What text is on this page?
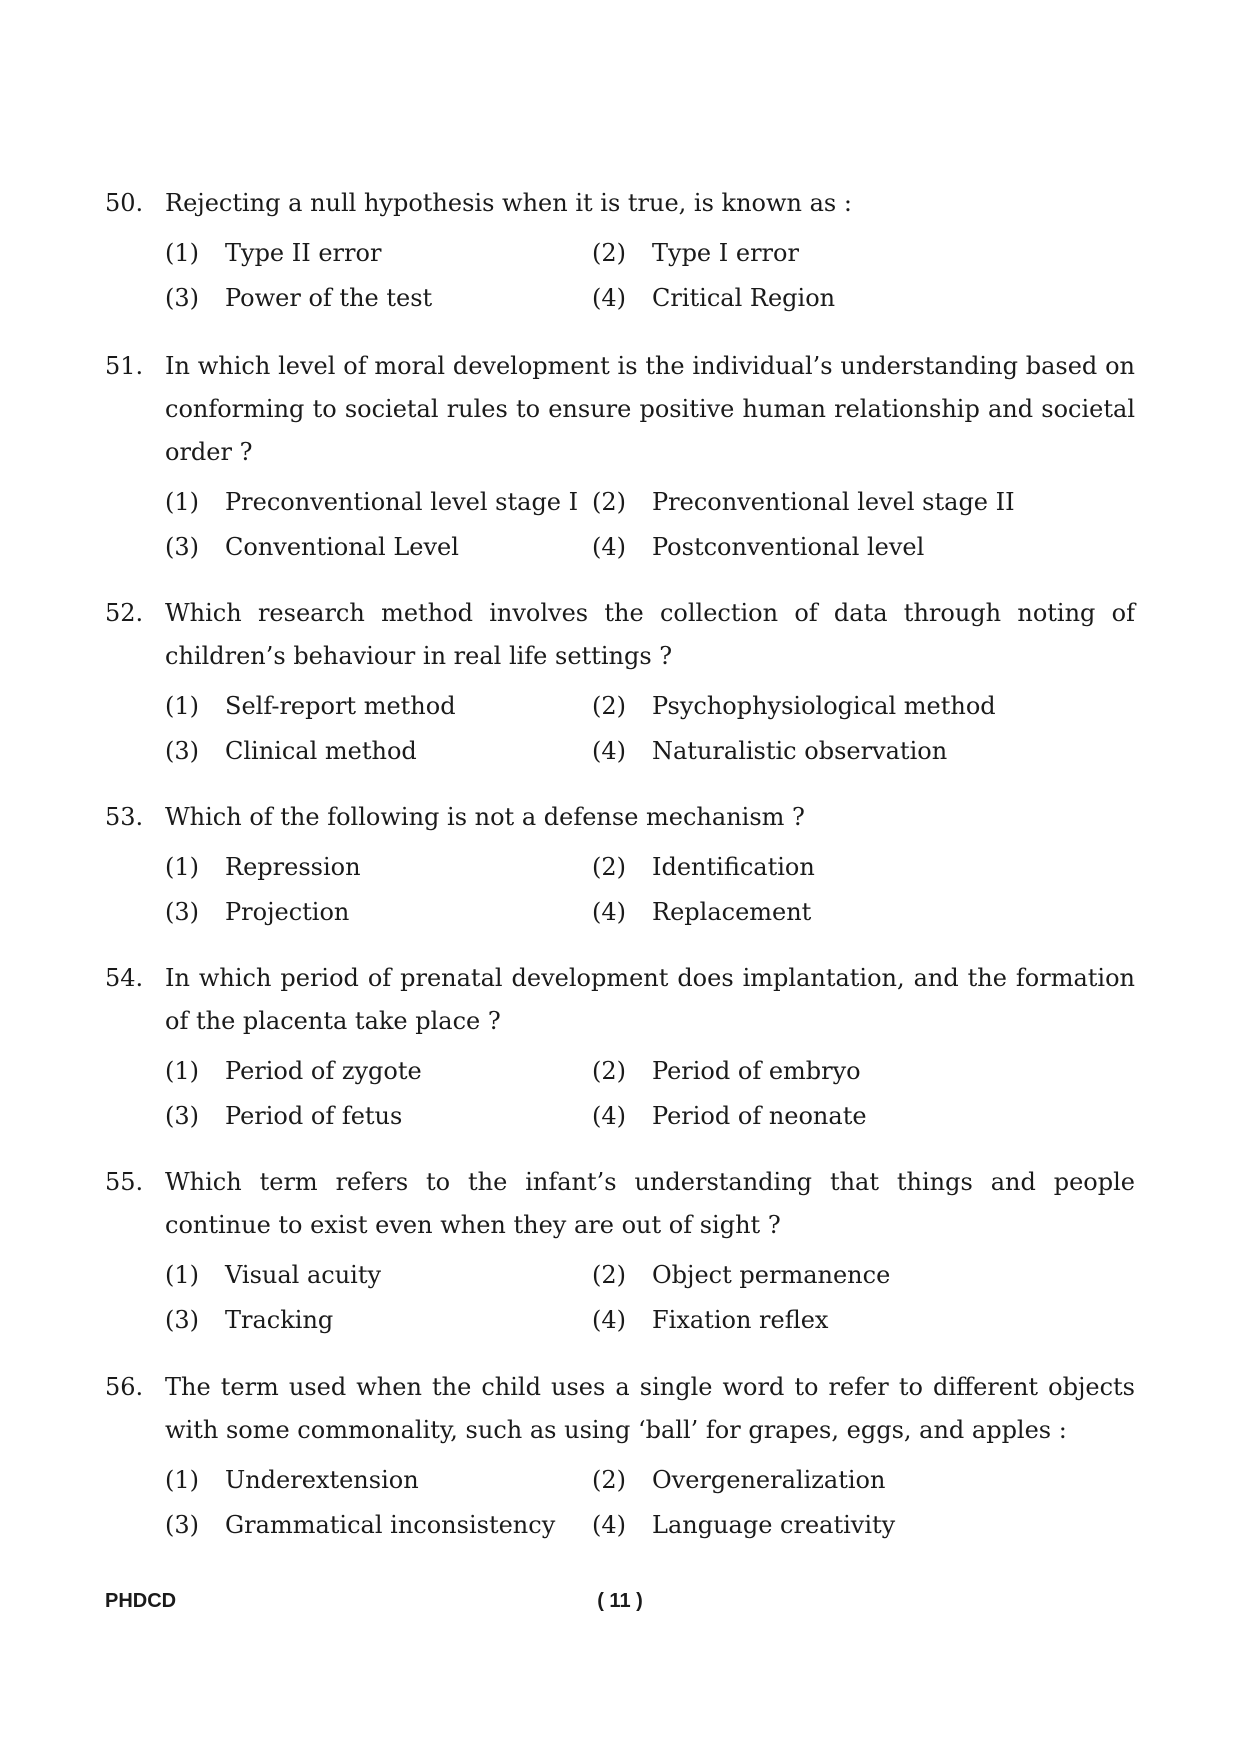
50. Rejecting a null hypothesis when it is true, is known as :
(1)	Type II error	(2)	Type I error
(3)	Power of the test	(4)	Critical Region
51. In which level of moral development is the individual’s understanding based on conforming to societal rules to ensure positive human relationship and societal order ?
(1)	Preconventional level stage I (2)	Preconventional level stage II
(3)	Conventional Level	(4)	Postconventional level
52. Which research method involves the collection of data through noting of children’s behaviour in real life settings ?
(1)	Self-report method	(2)	Psychophysiological method
(3)	Clinical method	(4)	Naturalistic observation
53. Which of the following is not a defense mechanism ?
(1)	Repression	(2)	Identification
(3)	Projection	(4)	Replacement
54. In which period of prenatal development does implantation, and the formation of the placenta take place ?
(1)	Period of zygote	(2)	Period of embryo
(3)	Period of fetus	(4)	Period of neonate
55. Which term refers to the infant’s understanding that things and people continue to exist even when they are out of sight ?
(1)	Visual acuity	(2)	Object permanence
(3)	Tracking	(4)	Fixation reflex
56. The term used when the child uses a single word to refer to different objects with some commonality, such as using ‘ball’ for grapes, eggs, and apples :
(1)	Underextension	(2)	Overgeneralization
(3)	Grammatical inconsistency (4)	Language creativity
PHDCD	( 11 )
